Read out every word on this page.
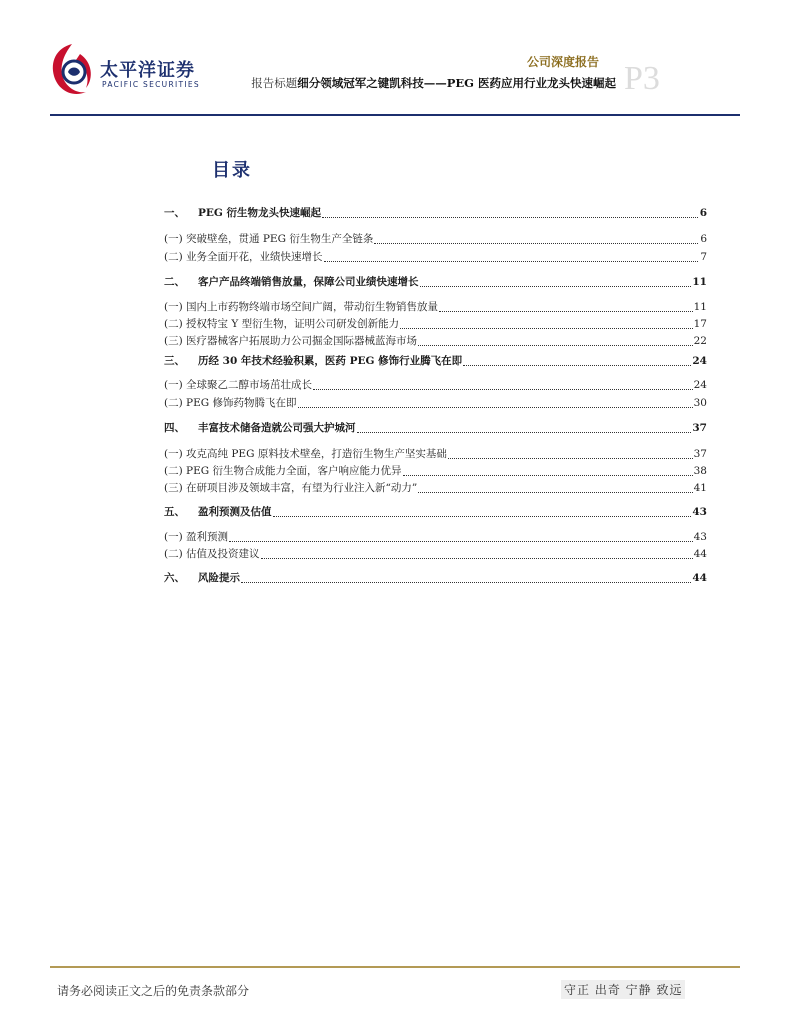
太平洋证券
PACIFIC SECURITIES
公司深度报告 P3
报告标题细分领域冠军之键凯科技——PEG 医药应用行业龙头快速崛起
目录
一、	PEG 衍生物龙头快速崛起	6
(一) 突破壁垒，贯通 PEG 衍生物生产全链条	6
(二) 业务全面开花，业绩快速增长	7
二、	客户产品终端销售放量，保障公司业绩快速增长	11
(一) 国内上市药物终端市场空间广阔，带动衍生物销售放量	11
(二) 授权特宝 Y 型衍生物，证明公司研发创新能力	17
(三) 医疗器械客户拓展助力公司掘金国际器械蓝海市场	22
三、	历经 30 年技术经验积累，医药 PEG 修饰行业腾飞在即	24
(一) 全球聚乙二醇市场茁壮成长	24
(二) PEG 修饰药物腾飞在即	30
四、	丰富技术储备造就公司强大护城河	37
(一) 攻克高纯 PEG 原料技术壁垒，打造衍生物生产坚实基础	37
(二) PEG 衍生物合成能力全面，客户响应能力优异	38
(三) 在研项目涉及领域丰富，有望为行业注入新“动力”	41
五、	盈利预测及估值	43
(一) 盈利预测	43
(二) 估值及投资建议	44
六、	风险提示	44
请务必阅读正文之后的免责条款部分	守正 出奇 宁静 致远
